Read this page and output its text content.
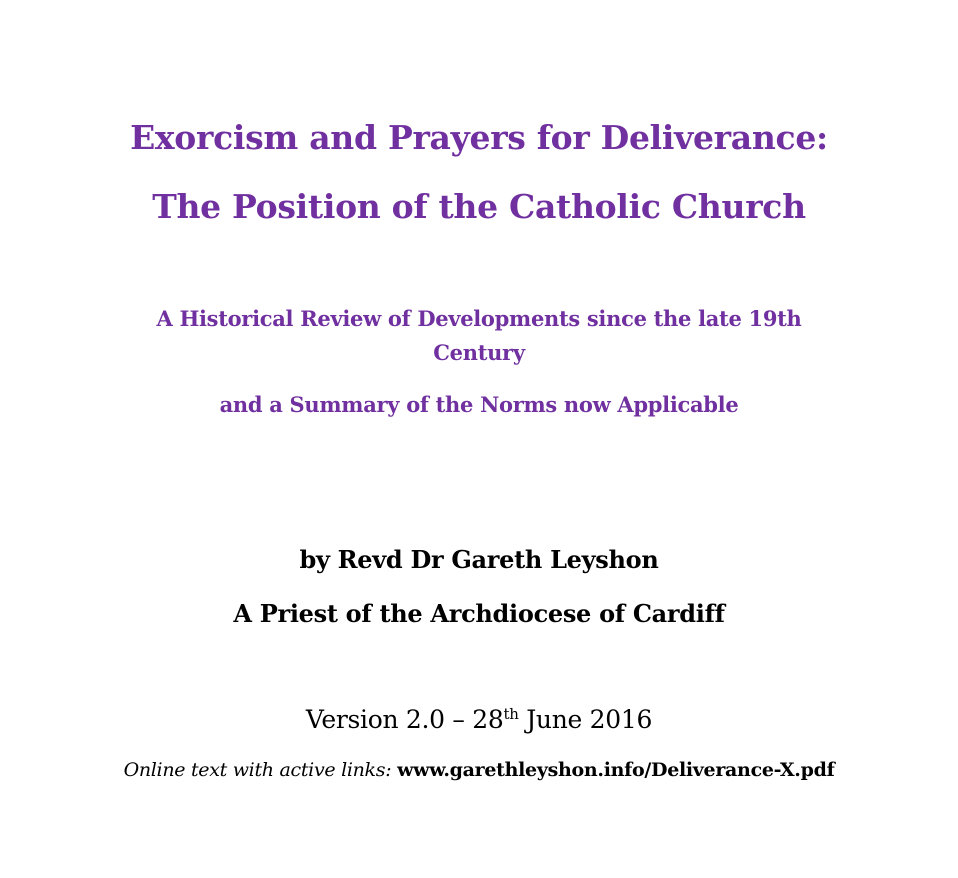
Exorcism and Prayers for Deliverance:
The Position of the Catholic Church
A Historical Review of Developments since the late 19th
Century
and a Summary of the Norms now Applicable
by Revd Dr Gareth Leyshon
A Priest of the Archdiocese of Cardiff
Version 2.0 – 28th June 2016
Online text with active links: www.garethleyshon.info/Deliverance-X.pdf
